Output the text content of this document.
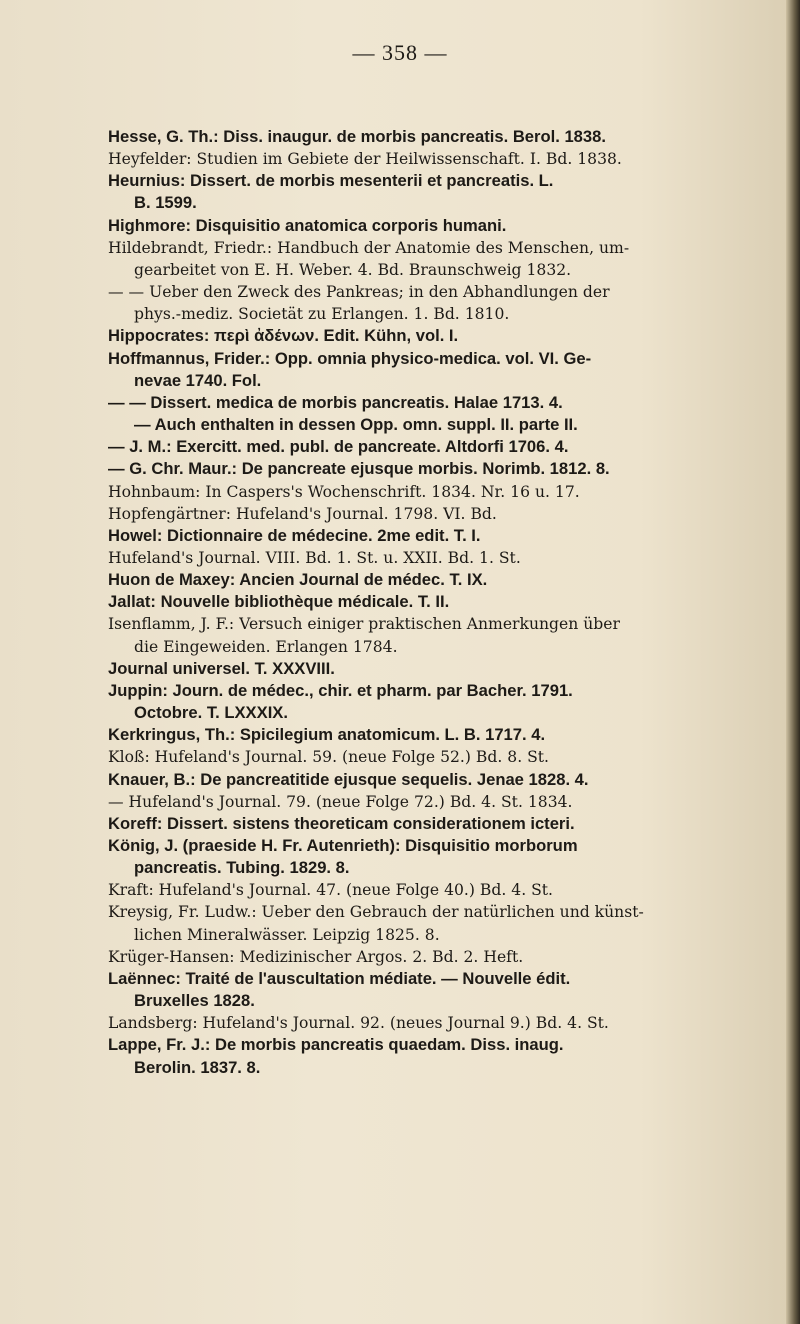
— 358 —
Hesse, G. Th.: Diss. inaugur. de morbis pancreatis. Berol. 1838.
Heyfelder: Studien im Gebiete der Heilwissenschaft. I. Bd. 1838.
Heurnius: Dissert. de morbis mesenterii et pancreatis. L.
B. 1599.
Highmore: Disquisitio anatomica corporis humani.
Hildebrandt, Friedr.: Handbuch der Anatomie des Menschen, um-
gearbeitet von E. H. Weber. 4. Bd. Braunschweig 1832.
— — Ueber den Zweck des Pankreas; in den Abhandlungen der
phys.-mediz. Societät zu Erlangen. 1. Bd. 1810.
Hippocrates: περὶ ἀδένων. Edit. Kühn, vol. I.
Hoffmannus, Frider.: Opp. omnia physico-medica. vol. VI. Ge-
nevae 1740. Fol.
— — Dissert. medica de morbis pancreatis. Halae 1713. 4.
— Auch enthalten in dessen Opp. omn. suppl. II. parte II.
— J. M.: Exercitt. med. publ. de pancreate. Altdorfi 1706. 4.
— G. Chr. Maur.: De pancreate ejusque morbis. Norimb. 1812. 8.
Hohnbaum: In Caspers's Wochenschrift. 1834. Nr. 16 u. 17.
Hopfengärtner: Hufeland's Journal. 1798. VI. Bd.
Howel: Dictionnaire de médecine. 2me edit. T. I.
Hufeland's Journal. VIII. Bd. 1. St. u. XXII. Bd. 1. St.
Huon de Maxey: Ancien Journal de médec. T. IX.
Jallat: Nouvelle bibliothèque médicale. T. II.
Isenflamm, J. F.: Versuch einiger praktischen Anmerkungen über
die Eingeweiden. Erlangen 1784.
Journal universel. T. XXXVIII.
Juppin: Journ. de médec., chir. et pharm. par Bacher. 1791.
Octobre. T. LXXXIX.
Kerkringus, Th.: Spicilegium anatomicum. L. B. 1717. 4.
Kloß: Hufeland's Journal. 59. (neue Folge 52.) Bd. 8. St.
Knauer, B.: De pancreatitide ejusque sequelis. Jenae 1828. 4.
— Hufeland's Journal. 79. (neue Folge 72.) Bd. 4. St. 1834.
Koreff: Dissert. sistens theoreticam considerationem icteri.
König, J. (praeside H. Fr. Autenrieth): Disquisitio morborum
pancreatis. Tubing. 1829. 8.
Kraft: Hufeland's Journal. 47. (neue Folge 40.) Bd. 4. St.
Kreysig, Fr. Ludw.: Ueber den Gebrauch der natürlichen und künst-
lichen Mineralwässer. Leipzig 1825. 8.
Krüger-Hansen: Medizinischer Argos. 2. Bd. 2. Heft.
Laënnec: Traité de l'auscultation médiate. — Nouvelle édit.
Bruxelles 1828.
Landsberg: Hufeland's Journal. 92. (neues Journal 9.) Bd. 4. St.
Lappe, Fr. J.: De morbis pancreatis quaedam. Diss. inaug.
Berolin. 1837. 8.
